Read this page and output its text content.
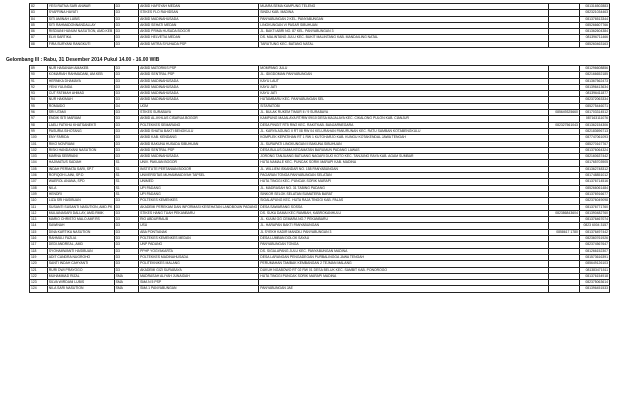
82	YESI RATNA SARI ANWAR	D3	AKBID HAFSYAH MEDAN	MUARA SEMA KAMPUNG TELENG		081316502883
83	SYAFRINA HAYATI	D3	STIKES FLO RAHIDSAN	SINDU KAB. MADINA		082321034463
84	SITI AMINAH LUBIS	D3	AKBID MADINAHUSADA	PANYABUNGAN 2 KEL. PANYABUNGAN		081376513344
85	SITI RAHMADONNANDALLAY	D3	AKBID SEHATI MEDAN	LINGKUNGAN VI PASAR SIBUHUAN		085266607766
86	RISDIANI HANUM NASUTION, AMD.KEB	D3	AKBID PRIMA HUSADA BOGOR	JL. BAKTI ABRI NO. 87 KEL. PANYABUNGAN 3		081362604384
87	ELVI SARTIKA	D3	AKBID HELVETIA MEDAN	DS. MALINTANG JULU KEC. BUKIT MALINTANG KAB. MANDAILING NATAL		081396711466
88	FIRA SURYANI RANGKUTI	D3	AKBID MITRA SYUHADA PSP	TARUTUNG KEC. BATANG NATAL		085260463163
Gelombang III : Rabu, 31 Desember 2014 Pukul 14.00 - 16.00 WIB
89	NUR HASANAH AMAKEB	D3	AKBID MATORKIS PSP	MOMPANG JULU		081296608856
90	KOMARIAH RAHMADANI, AM.KEB	D3	AKBID SENTRAL PSP	JL. IDIGDOMAN PANYABUNGAN		082166652185
91	HERNIKA DHAMAYA	D3	AKBID MADINAHUSADA	KAYU LAUT		081367562473
92	YENI YULINDA	D3	AKBID MADINAHUSADA	KAYU JATI		081396413634
93	CUT FATIMAH AHMAD	D3	AKBID MADINAHUSADA	KAYU JATI		081396411877
94	NUR HAKIMAH	D3	AKBID MADINAHUSADA	HUTAMBARU KEC. PANYABUNGAN SEL		082372063334
95	ROMAIDO	D4	UGM	SITARATOBI		085275446071
96	SRI UTAMI	D3	STIKES SURABAYA	JL. BULAK RUKEM TIMUR II / 9 SURABAYA	085649325660	081703314512
97	ENDIK SITI MARIAM	D3	AKBID AL-IKHLAS CISARUA BOGOR	KAMPUNG MAJALAYA RT/RW 09/10 DESA MAJALAYA KEC. CIKALONG PULON KAB. CIANJUR		087163111076
98	LAELI FATKHU KHATSANEKTI	D3	POLTEKKES SEMARANG	DESA PINGIT RT5 RW2 KEC. RAKITKAB. BANJARNEGARA	082327561043	081362154306
99	PASURIA SIHOTANG	D3	AKBID SHATIA BAKTI BENGKULU	JL. KARYA AGUNG II RT 08 RW 04 KELURAHAN PANURUNAN KEC. RATU SAMBAN KOTABENGKULU		082183696713
100	ENY FARIDA	D3	AKBID KAB. KENDANG	KOMPLEK KEPATIHAN RT 1 RW 1 KUTOHARJO KAB. KUNGU KOTAKENDAL JAWA TENGAH		087747061093
101	RIKO NOVRIANI	D3	AKBID BAKUNA HUSADA SIBUHUAN	JL. SURAPATI LINGKUNGAN II BAKUNA SIBUHUAN		085270167767
102	RISKI HANDAYANI NASUTION	D3	AKBID SENTRAL PSP	DESA BULUS DUMA KECAMATAN BARUMUN PADANG LAWAS		081376064324
103	MARNA SEBRIANI	D3	AKBID MADINAHUSADA	JORONG TANJUANG BATUANG NAGARI DUO KOTO KEC. TANJUNG RAYA KAB. AGAM SUMBAR		082160637442
104	HAJIMATUS SADIAH	S1	UNIV. PAKUAN BOGOR	HUTA NAMALE KEC. PUNCAK SORIK MARAPI KAB. MADINA		081765703905
105	INDAH PERMATA SARI, SP.T	S1	INSTITUTE PERTANIAN BOGOR	JL. WILLIEM ISKANDAR NO. 158 PANYABUNGAN		081362748312
106	ROFIQOH LAINI, SP.D	S1	UNIVERSITAS MUHAMMADIYAH TAPSEL	PAGARAN TONGA PANYABUNGAN SELATAN		081748851012
107	WAEROL ANANA, SPD	S1	UNIMED	HUTA TINGGI KEC. PUNCAK SORIK MARAPI		081376714516
108	NILA	S1	UPI PADANG	JL. MADRASAH NO. 31 TABING PADANG		085266061484
109	HENDRI	S1	UPI PADANG	SINKOR SELOK SELATAN SUMATERA BARAT		081376916677
110	LIZA SRI HASIBUAN	D3	POLTEKES KEMENKES	SIGALAPUNG KEC. HUTA RAJA TINGGI KAB. PALAS		082376049098
111	SUSANTI SUSANTI NASUTION, AMD.PK	D3	AKADEMI PEREKAM DAN INFORMASI KESEHATAN LANDBOUW PADANG	DESA SAWARANG SOSSA		081376771760
112	MULIANASARI DALLAY, AMD.RMIK	D3	STIKES HANG TUAH PEKANBARU	DS. SUKA DAMAI KEC RAMBAH, KABROKANHULU	082386843604	081390482760
113	MARIO CHRISTO MALO AMF.RS	D3	RIO ABDURRAUB	JL. KUUM GG CEMARA NO.7 PEKANBARU		081376467074
114	SAWINAH	D3	USU	JL. HARAPAN BAKTI PANYABUNGAN		0823 6004 3157
115	DINA KARTIKA NASUTION	D3	ABA PONTIANAK	JL SYEKH KADIR MANDILI PANYABUNGAN 3	0858617 1780	081376497442
116	RAHMULI FAZLIA	D3	POLTEKES KEMENKES MEDAN	DESA LUMBAN DOLOK SAYAU		082360761926
117	DEDI ANDREAL, AMD	D3	UNP PADANG	PANYABUNGAN TONGA		082374567647
118	SYOHAMWANTI HASIBUAN	D3	PPHP YOGYAKARTA	DS. SIGALAPANG JULU KEC. PANYABUNGAN MADINA		081266152307
119	ADIT CANDRA NUGROHO	D3	POLTEKKES MADINAHUSADA	DESA LARANGAN PENGADEGAN PURBALINGGA JAWA TENGAH		081573616391
120	SANTI INDAH CAHYANTI	D3	POLITEKNIKES MALANG	PERUMAHAN TAMBAK KEMBANGAN 2 TEJMAN MALANG		085649126103
121	RURI DWI PRAYOGO	D3	AKADEMI GIZI SURABAYA	DUKUH NGABOWO RT 02 RW 01 DESA BELUK KEC. SAMBIT KAB. PONOROGO		081383471511
122	MUHAMMAD RIZAL	SMA	MADRASAH ALIYAH JUNAIDAH	HUTA TINGGI PUNCAK SORIK MARAPI MADINA		081376154918
123	SILVA WIRDANI LUBIS	SMA	SMA N 5 PSP			082375063614
124	NILA SARI NASUTION	SMA	SMA 1 PANYABUNGAN	PANYABUNGAN JAE		081396451533
